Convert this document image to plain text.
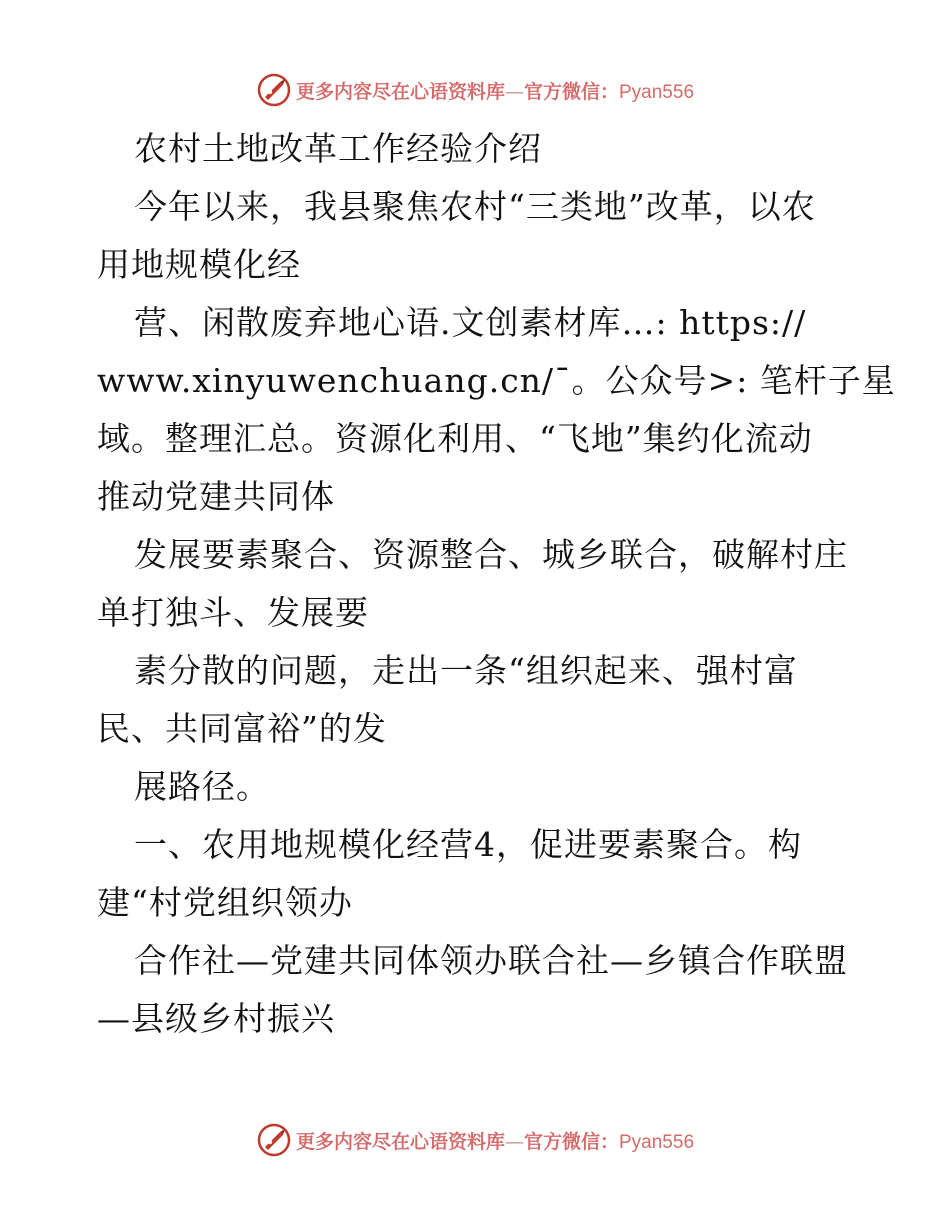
更多内容尽在心语资料库—官方微信：Pyan556
农村土地改革工作经验介绍
今年以来，我县聚焦农村“三类地”改革，以农
用地规模化经
营、闲散废弃地心语.文创素材库…: https://
www.xinyuwenchuang.cn/¯。公众号>: 笔杆子星
域。整理汇总。资源化利用、“飞地”集约化流动
推动党建共同体
发展要素聚合、资源整合、城乡联合，破解村庄
单打独斗、发展要
素分散的问题，走出一条“组织起来、强村富
民、共同富裕”的发
展路径。
一、农用地规模化经营4，促进要素聚合。构
建“村党组织领办
合作社—党建共同体领办联合社—乡镇合作联盟
—县级乡村振兴
更多内容尽在心语资料库—官方微信：Pyan556
